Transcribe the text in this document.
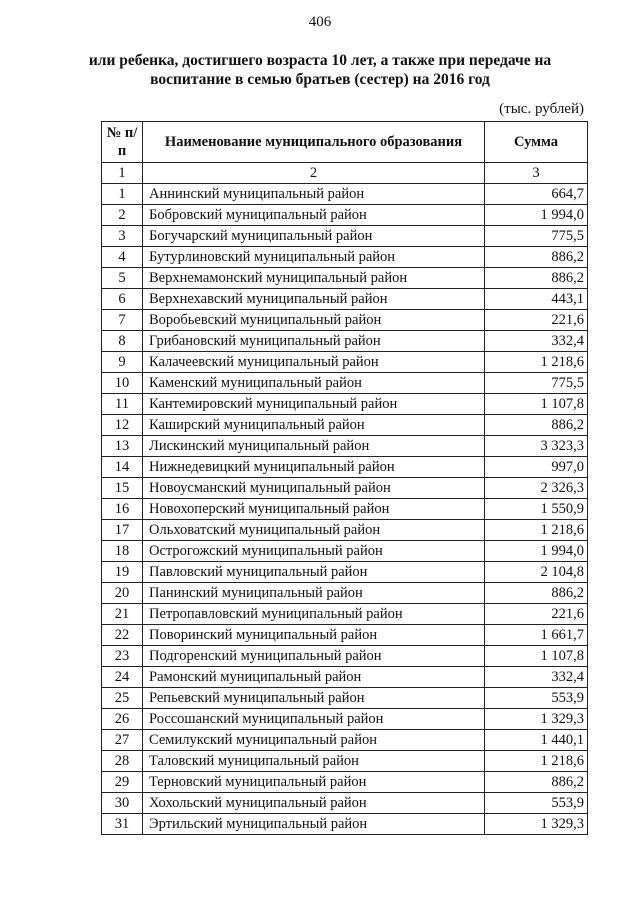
406
или ребенка, достигшего возраста 10 лет, а также при передаче на воспитание в семью братьев (сестер) на 2016 год
(тыс. рублей)
№ п/п	Наименование муниципального образования	Сумма
1	2	3
1	Аннинский муниципальный район	664,7
2	Бобровский муниципальный район	1 994,0
3	Богучарский муниципальный район	775,5
4	Бутурлиновский муниципальный район	886,2
5	Верхнемамонский муниципальный район	886,2
6	Верхнехавский муниципальный район	443,1
7	Воробьевский муниципальный район	221,6
8	Грибановский муниципальный район	332,4
9	Калачеевский муниципальный район	1 218,6
10	Каменский муниципальный район	775,5
11	Кантемировский муниципальный район	1 107,8
12	Каширский муниципальный район	886,2
13	Лискинский муниципальный район	3 323,3
14	Нижнедевицкий муниципальный район	997,0
15	Новоусманский муниципальный район	2 326,3
16	Новохоперский муниципальный район	1 550,9
17	Ольховатский муниципальный район	1 218,6
18	Острогожский муниципальный район	1 994,0
19	Павловский муниципальный район	2 104,8
20	Панинский муниципальный район	886,2
21	Петропавловский муниципальный район	221,6
22	Поворинский муниципальный район	1 661,7
23	Подгоренский муниципальный район	1 107,8
24	Рамонский муниципальный район	332,4
25	Репьевский муниципальный район	553,9
26	Россошанский муниципальный район	1 329,3
27	Семилукский муниципальный район	1 440,1
28	Таловский муниципальный район	1 218,6
29	Терновский муниципальный район	886,2
30	Хохольский муниципальный район	553,9
31	Эртильский муниципальный район	1 329,3
